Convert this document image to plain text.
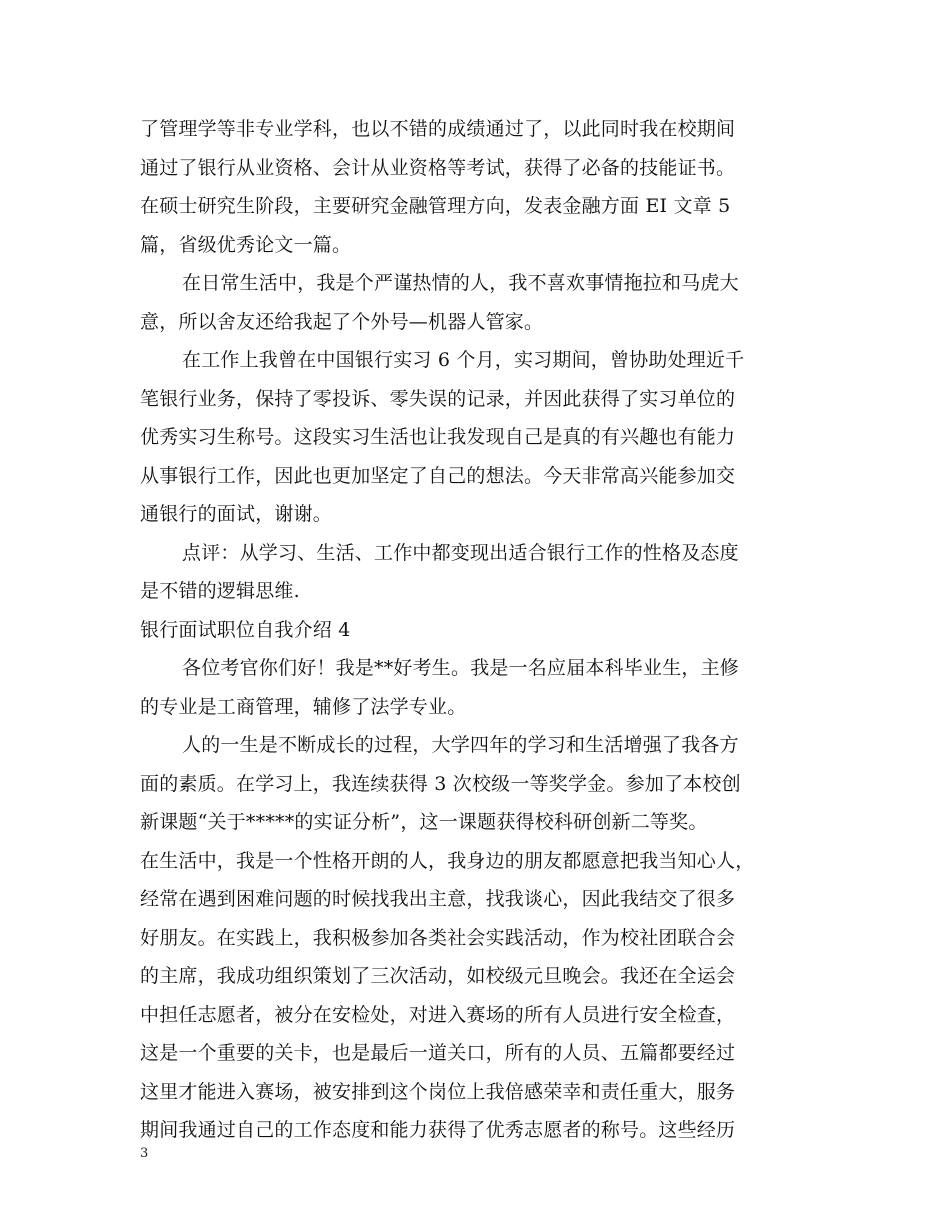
了管理学等非专业学科，也以不错的成绩通过了，以此同时我在校期间
通过了银行从业资格、会计从业资格等考试，获得了必备的技能证书。
在硕士研究生阶段，主要研究金融管理方向，发表金融方面 EI 文章 5
篇，省级优秀论文一篇。
在日常生活中，我是个严谨热情的人，我不喜欢事情拖拉和马虎大
意，所以舍友还给我起了个外号—机器人管家。
在工作上我曾在中国银行实习 6 个月，实习期间，曾协助处理近千
笔银行业务，保持了零投诉、零失误的记录，并因此获得了实习单位的
优秀实习生称号。这段实习生活也让我发现自己是真的有兴趣也有能力
从事银行工作，因此也更加坚定了自己的想法。今天非常高兴能参加交
通银行的面试，谢谢。
点评：从学习、生活、工作中都变现出适合银行工作的性格及态度
是不错的逻辑思维.
银行面试职位自我介绍 4
各位考官你们好！我是**好考生。我是一名应届本科毕业生，主修
的专业是工商管理，辅修了法学专业。
人的一生是不断成长的过程，大学四年的学习和生活增强了我各方
面的素质。在学习上，我连续获得 3 次校级一等奖学金。参加了本校创
新课题“关于*****的实证分析”，这一课题获得校科研创新二等奖。
在生活中，我是一个性格开朗的人，我身边的朋友都愿意把我当知心人，
经常在遇到困难问题的时候找我出主意，找我谈心，因此我结交了很多
好朋友。在实践上，我积极参加各类社会实践活动，作为校社团联合会
的主席，我成功组织策划了三次活动，如校级元旦晚会。我还在全运会
中担任志愿者，被分在安检处，对进入赛场的所有人员进行安全检查，
这是一个重要的关卡，也是最后一道关口，所有的人员、五篇都要经过
这里才能进入赛场，被安排到这个岗位上我倍感荣幸和责任重大，服务
期间我通过自己的工作态度和能力获得了优秀志愿者的称号。这些经历
3
